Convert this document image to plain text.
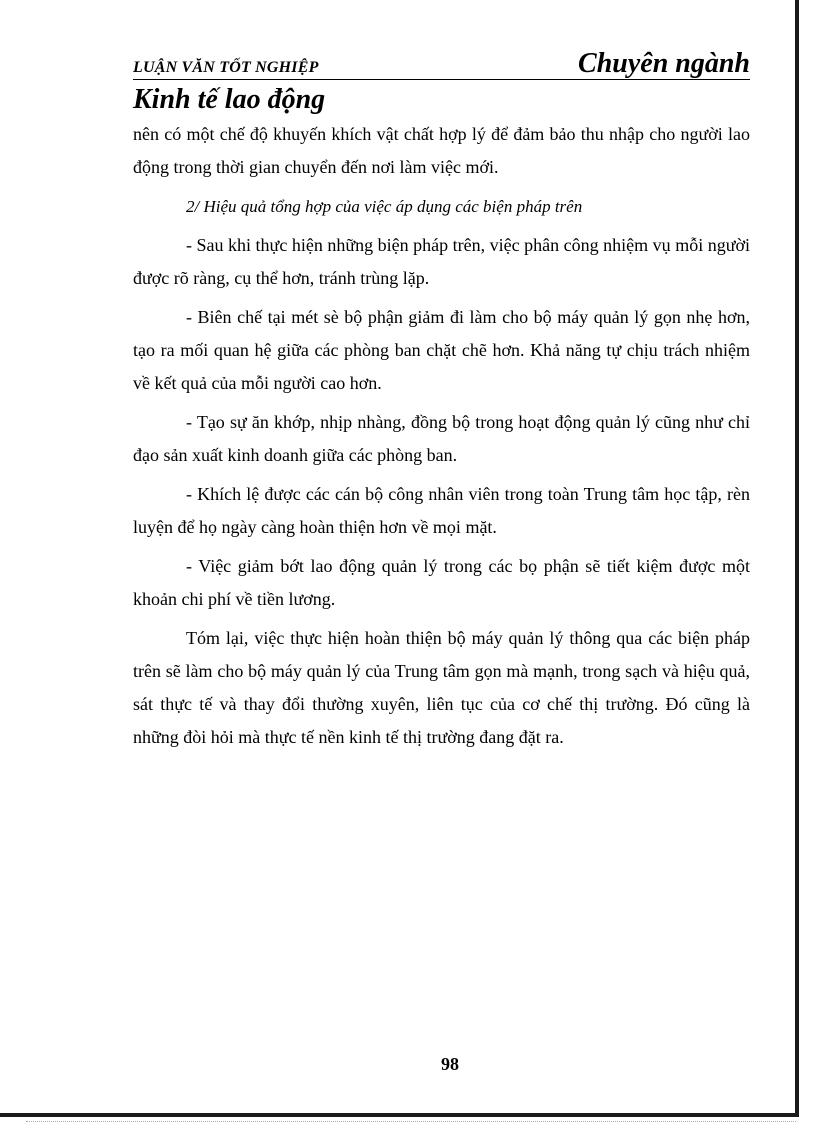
LUẬN VĂN TỐT NGHIỆP	Chuyên ngành
Kinh tế lao động

nên có một chế độ khuyến khích vật chất hợp lý để đảm bảo thu nhập cho người lao động trong thời gian chuyển đến nơi làm việc mới.

2/ Hiệu quả tổng hợp của việc áp dụng các biện pháp trên

- Sau khi thực hiện những biện pháp trên, việc phân công nhiệm vụ mỗi người được rõ ràng, cụ thể hơn, tránh trùng lặp.

- Biên chế tại mét sè bộ phận giảm đi làm cho bộ máy quản lý gọn nhẹ hơn, tạo ra mối quan hệ giữa các phòng ban chặt chẽ hơn. Khả năng tự chịu trách nhiệm về kết quả của mỗi người cao hơn.

- Tạo sự ăn khớp, nhịp nhàng, đồng bộ trong hoạt động quản lý cũng như chỉ đạo sản xuất kinh doanh giữa các phòng ban.

- Khích lệ được các cán bộ công nhân viên trong toàn Trung tâm học tập, rèn luyện để họ ngày càng hoàn thiện hơn về mọi mặt.

- Việc giảm bớt lao động quản lý trong các bọ phận sẽ tiết kiệm được một khoản chi phí về tiền lương.

Tóm lại, việc thực hiện hoàn thiện bộ máy quản lý thông qua các biện pháp trên sẽ làm cho bộ máy quản lý của Trung tâm gọn mà mạnh, trong sạch và hiệu quả, sát thực tế và thay đổi thường xuyên, liên tục của cơ chế thị trường. Đó cũng là những đòi hỏi mà thực tế nền kinh tế thị trường đang đặt ra.

98
